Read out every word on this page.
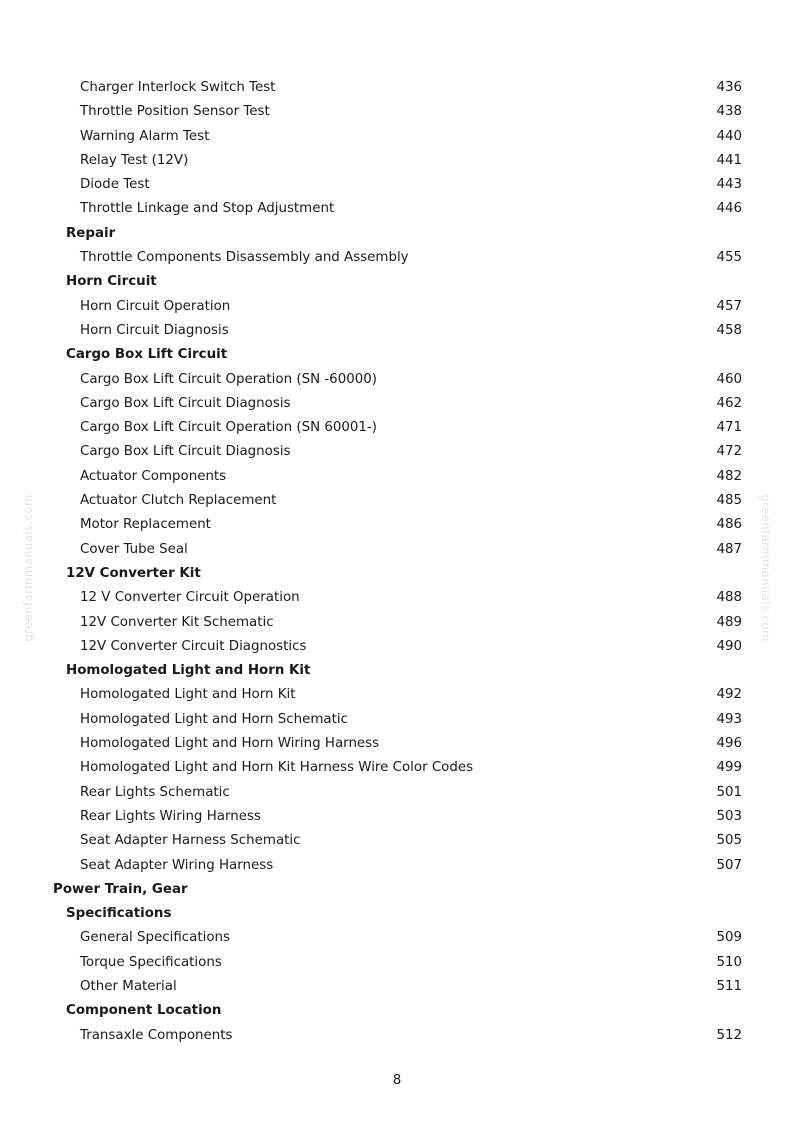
Charger Interlock Switch Test	436
Throttle Position Sensor Test	438
Warning Alarm Test	440
Relay Test (12V)	441
Diode Test	443
Throttle Linkage and Stop Adjustment	446
Repair
Throttle Components Disassembly and Assembly	455
Horn Circuit
Horn Circuit Operation	457
Horn Circuit Diagnosis	458
Cargo Box Lift Circuit
Cargo Box Lift Circuit Operation (SN -60000)	460
Cargo Box Lift Circuit Diagnosis	462
Cargo Box Lift Circuit Operation (SN 60001-)	471
Cargo Box Lift Circuit Diagnosis	472
Actuator Components	482
Actuator Clutch Replacement	485
Motor Replacement	486
Cover Tube Seal	487
12V Converter Kit
12 V Converter Circuit Operation	488
12V Converter Kit Schematic	489
12V Converter Circuit Diagnostics	490
Homologated Light and Horn Kit
Homologated Light and Horn Kit	492
Homologated Light and Horn Schematic	493
Homologated Light and Horn Wiring Harness	496
Homologated Light and Horn Kit Harness Wire Color Codes	499
Rear Lights Schematic	501
Rear Lights Wiring Harness	503
Seat Adapter Harness Schematic	505
Seat Adapter Wiring Harness	507
Power Train, Gear
Specifications
General Specifications	509
Torque Specifications	510
Other Material	511
Component Location
Transaxle Components	512
greenfarmmanuals.com	greenfarmmanuals.com
8
